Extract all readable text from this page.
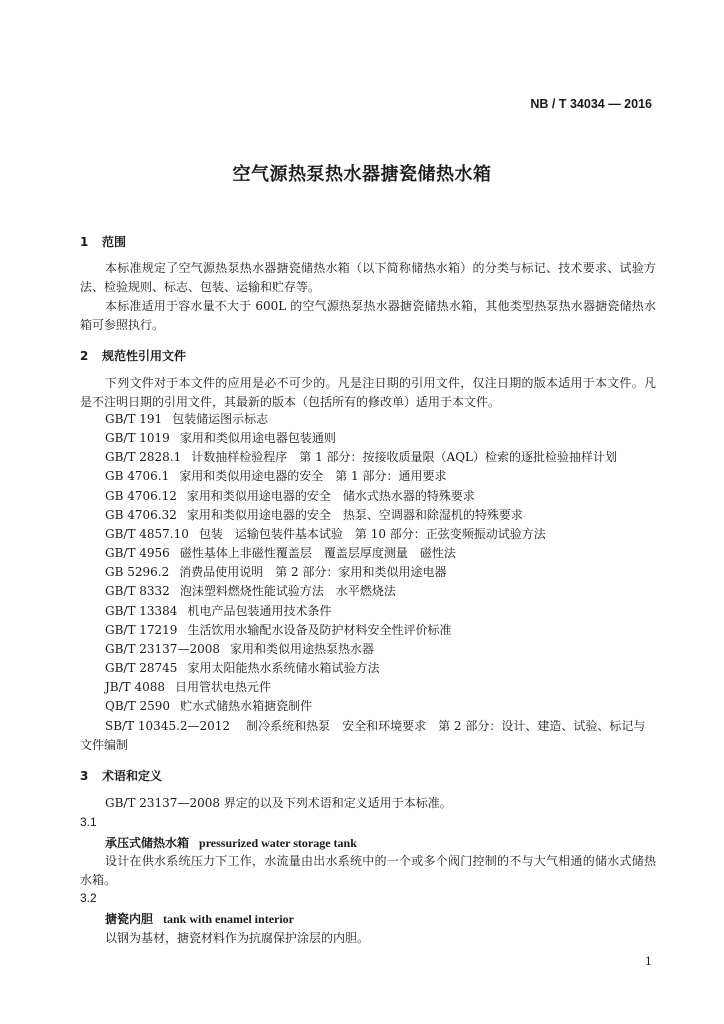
NB / T 34034 — 2016
空气源热泵热水器搪瓷储热水箱
1 范围
本标准规定了空气源热泵热水器搪瓷储热水箱（以下简称储热水箱）的分类与标记、技术要求、试验方法、检验规则、标志、包装、运输和贮存等。
本标准适用于容水量不大于 600L 的空气源热泵热水器搪瓷储热水箱，其他类型热泵热水器搪瓷储热水箱可参照执行。
2 规范性引用文件
下列文件对于本文件的应用是必不可少的。凡是注日期的引用文件，仅注日期的版本适用于本文件。凡是不注明日期的引用文件，其最新的版本（包括所有的修改单）适用于本文件。
GB/T 191 包装储运图示标志
GB/T 1019 家用和类似用途电器包装通则
GB/T 2828.1 计数抽样检验程序　第 1 部分：按接收质量限（AQL）检索的逐批检验抽样计划
GB 4706.1 家用和类似用途电器的安全　第 1 部分：通用要求
GB 4706.12 家用和类似用途电器的安全　储水式热水器的特殊要求
GB 4706.32 家用和类似用途电器的安全　热泵、空调器和除湿机的特殊要求
GB/T 4857.10 包装　运输包装件基本试验　第 10 部分：正弦变频振动试验方法
GB/T 4956 磁性基体上非磁性覆盖层　覆盖层厚度测量　磁性法
GB 5296.2 消费品使用说明　第 2 部分：家用和类似用途电器
GB/T 8332 泡沫塑料燃烧性能试验方法　水平燃烧法
GB/T 13384 机电产品包装通用技术条件
GB/T 17219 生活饮用水输配水设备及防护材料安全性评价标准
GB/T 23137—2008 家用和类似用途热泵热水器
GB/T 28745 家用太阳能热水系统储水箱试验方法
JB/T 4088 日用管状电热元件
QB/T 2590 贮水式储热水箱搪瓷制件
SB/T 10345.2—2012 制冷系统和热泵　安全和环境要求　第 2 部分：设计、建造、试验、标记与
文件编制
3 术语和定义
GB/T 23137—2008 界定的以及下列术语和定义适用于本标准。
3.1
承压式储热水箱 pressurized water storage tank
设计在供水系统压力下工作，水流量由出水系统中的一个或多个阀门控制的不与大气相通的储水式储热水箱。
3.2
搪瓷内胆 tank with enamel interior
以钢为基材，搪瓷材料作为抗腐保护涂层的内胆。
1
